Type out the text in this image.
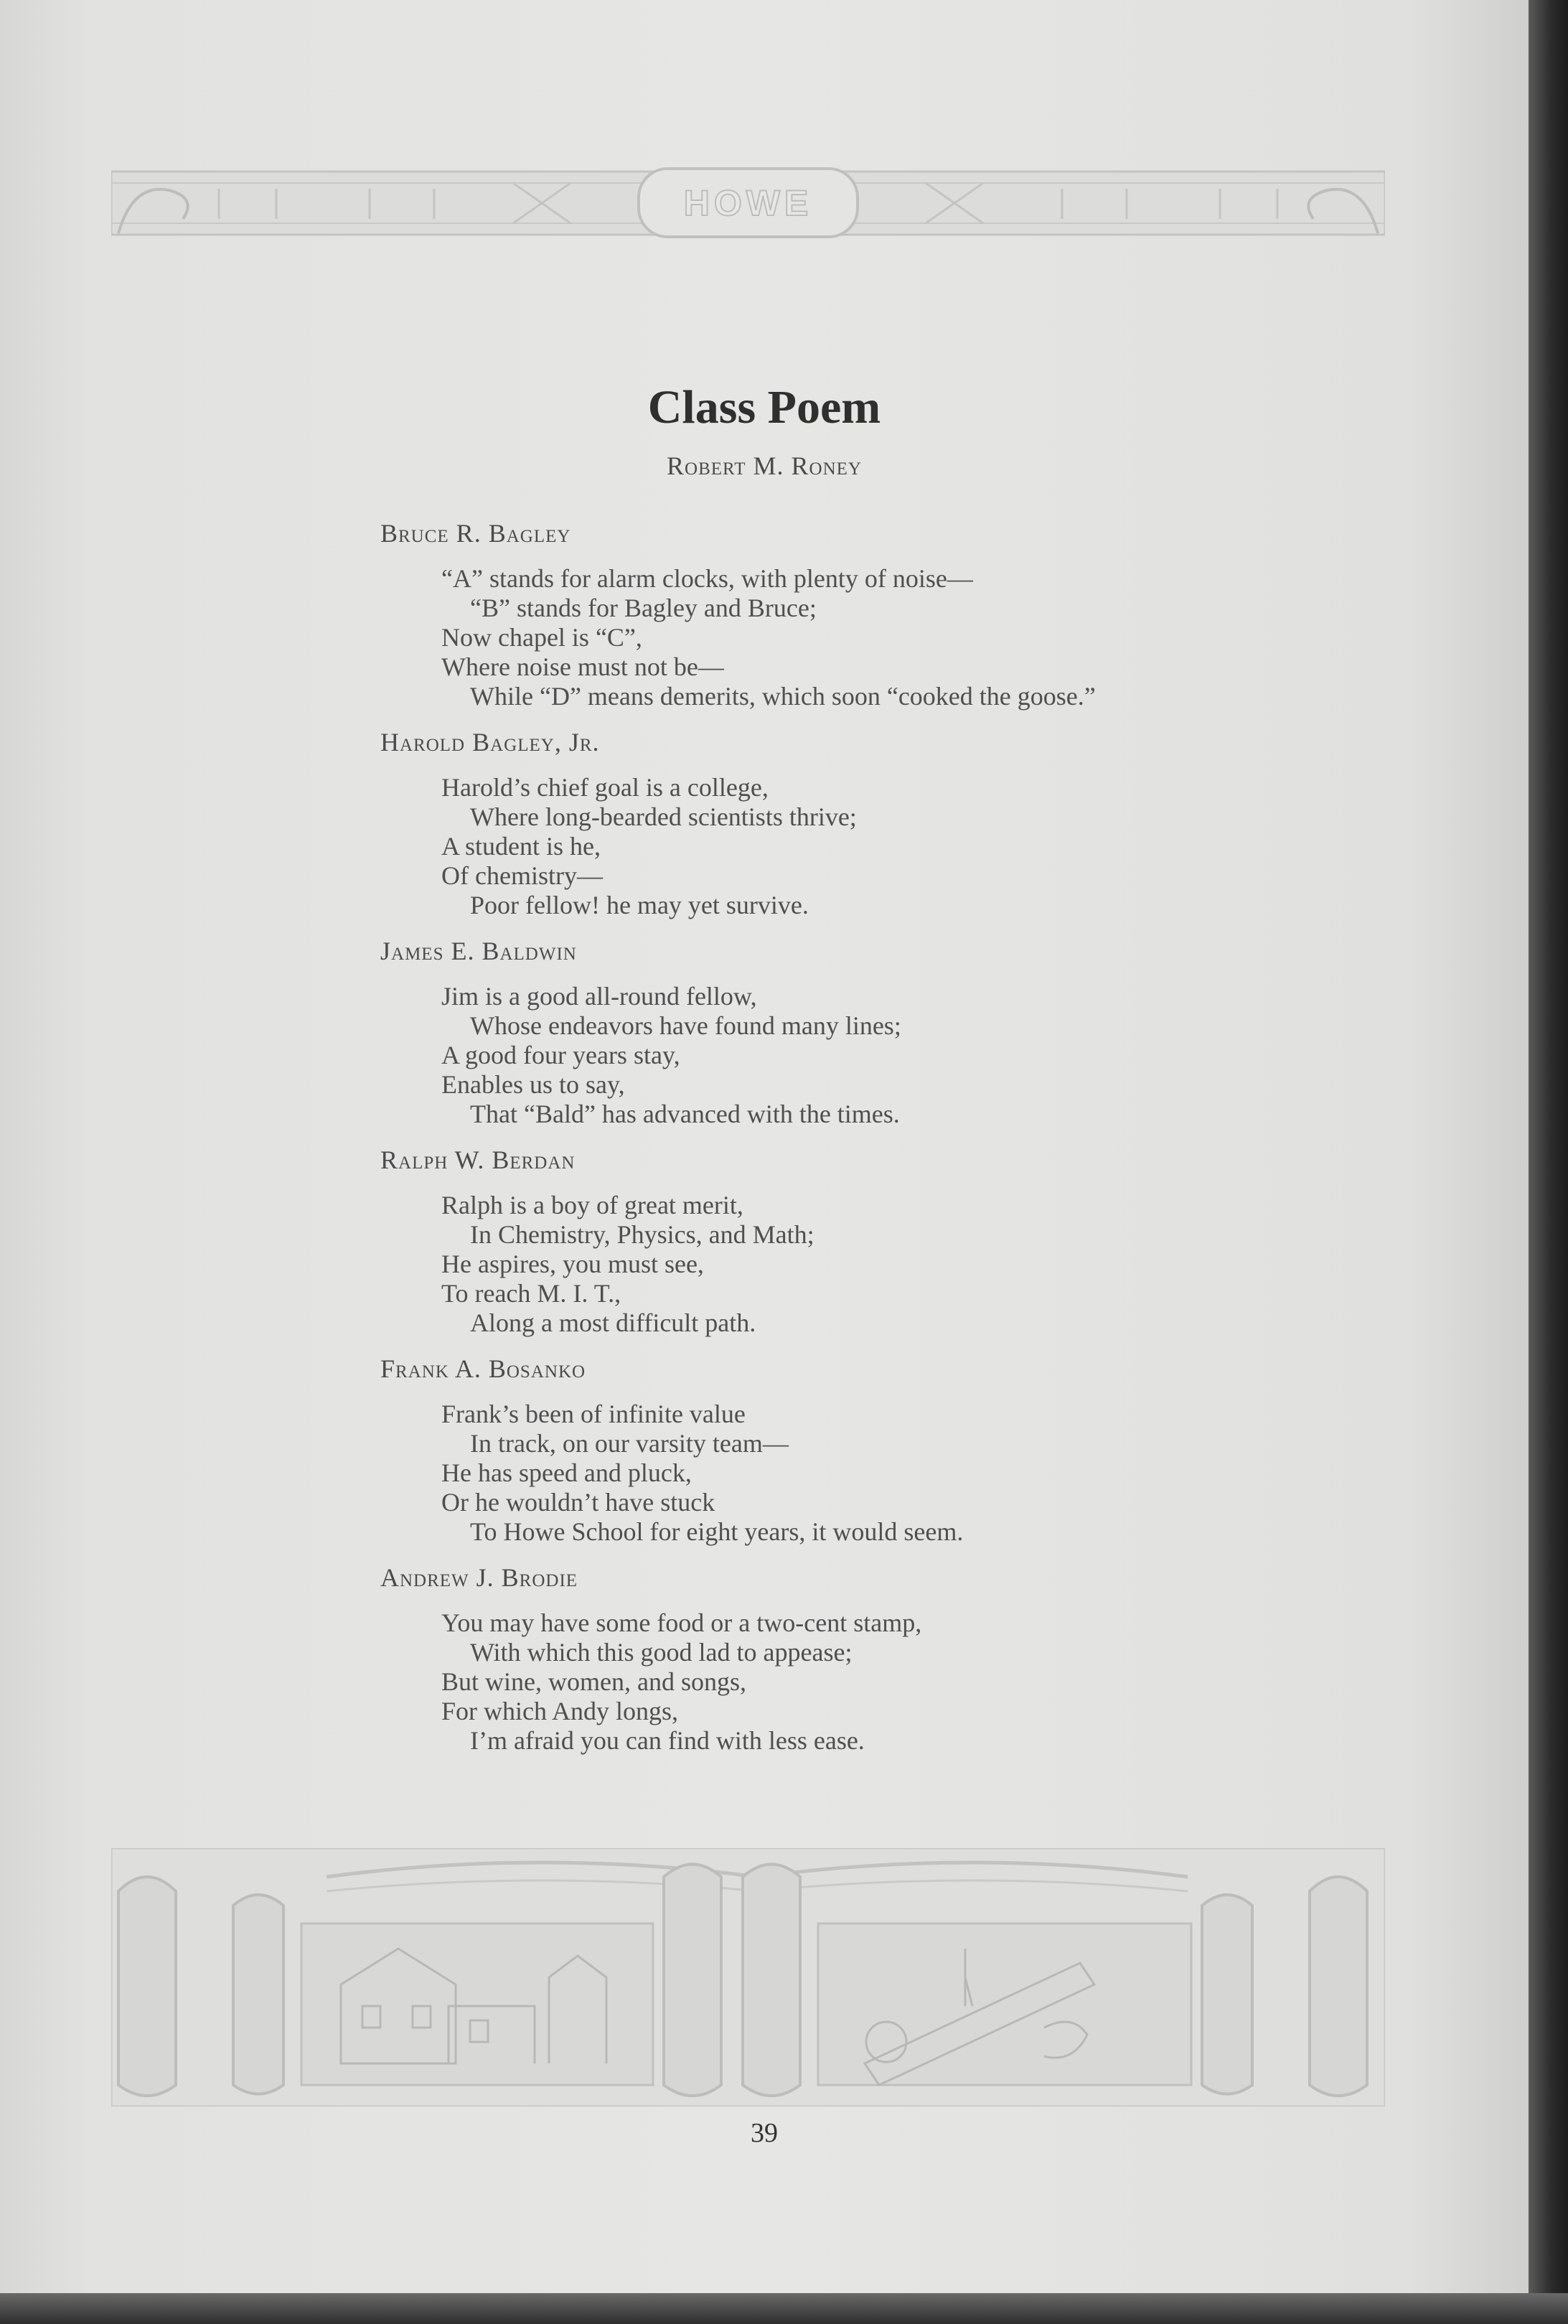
HOWE
Class Poem
Robert M. Roney
Bruce R. Bagley
“A” stands for alarm clocks, with plenty of noise—
“B” stands for Bagley and Bruce;
Now chapel is “C”,
Where noise must not be—
While “D” means demerits, which soon “cooked the goose.”
Harold Bagley, Jr.
Harold’s chief goal is a college,
Where long-bearded scientists thrive;
A student is he,
Of chemistry—
Poor fellow! he may yet survive.
James E. Baldwin
Jim is a good all-round fellow,
Whose endeavors have found many lines;
A good four years stay,
Enables us to say,
That “Bald” has advanced with the times.
Ralph W. Berdan
Ralph is a boy of great merit,
In Chemistry, Physics, and Math;
He aspires, you must see,
To reach M. I. T.,
Along a most difficult path.
Frank A. Bosanko
Frank’s been of infinite value
In track, on our varsity team—
He has speed and pluck,
Or he wouldn’t have stuck
To Howe School for eight years, it would seem.
Andrew J. Brodie
You may have some food or a two-cent stamp,
With which this good lad to appease;
But wine, women, and songs,
For which Andy longs,
I’m afraid you can find with less ease.
39
